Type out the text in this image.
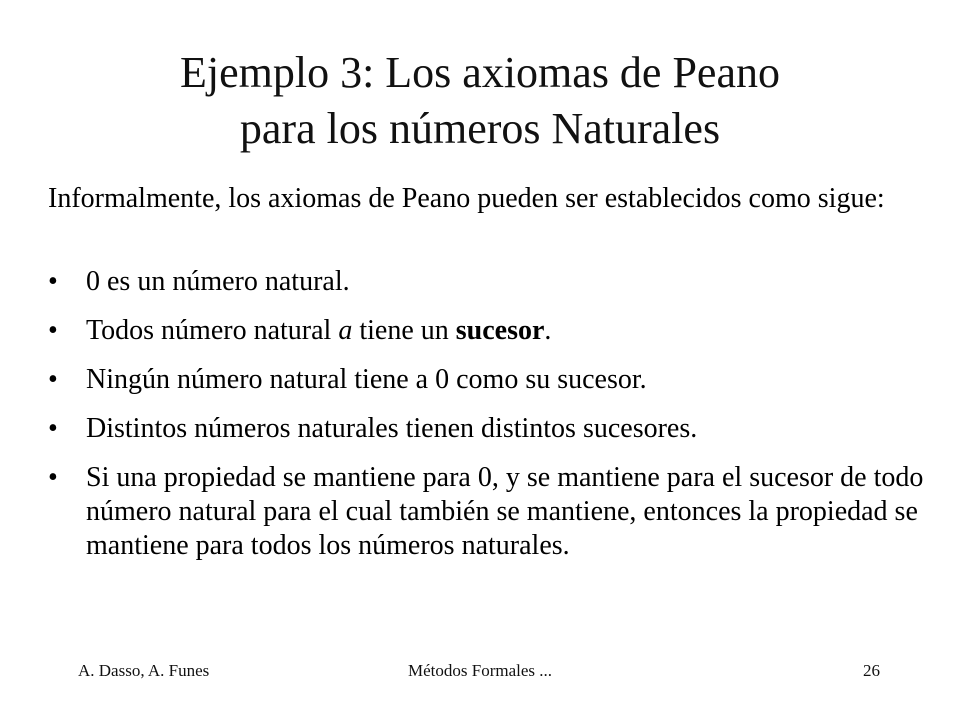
Ejemplo 3: Los axiomas de Peano
para los números Naturales
Informalmente, los axiomas de Peano pueden ser establecidos como sigue:
• 0 es un número natural.
• Todos número natural a tiene un sucesor.
• Ningún número natural tiene a 0 como su sucesor.
• Distintos números naturales tienen distintos sucesores.
• Si una propiedad se mantiene para 0, y se mantiene para el sucesor de todo número natural para el cual también se mantiene, entonces la propiedad se mantiene para todos los números naturales.
A. Dasso, A. Funes	Métodos Formales ...	26
